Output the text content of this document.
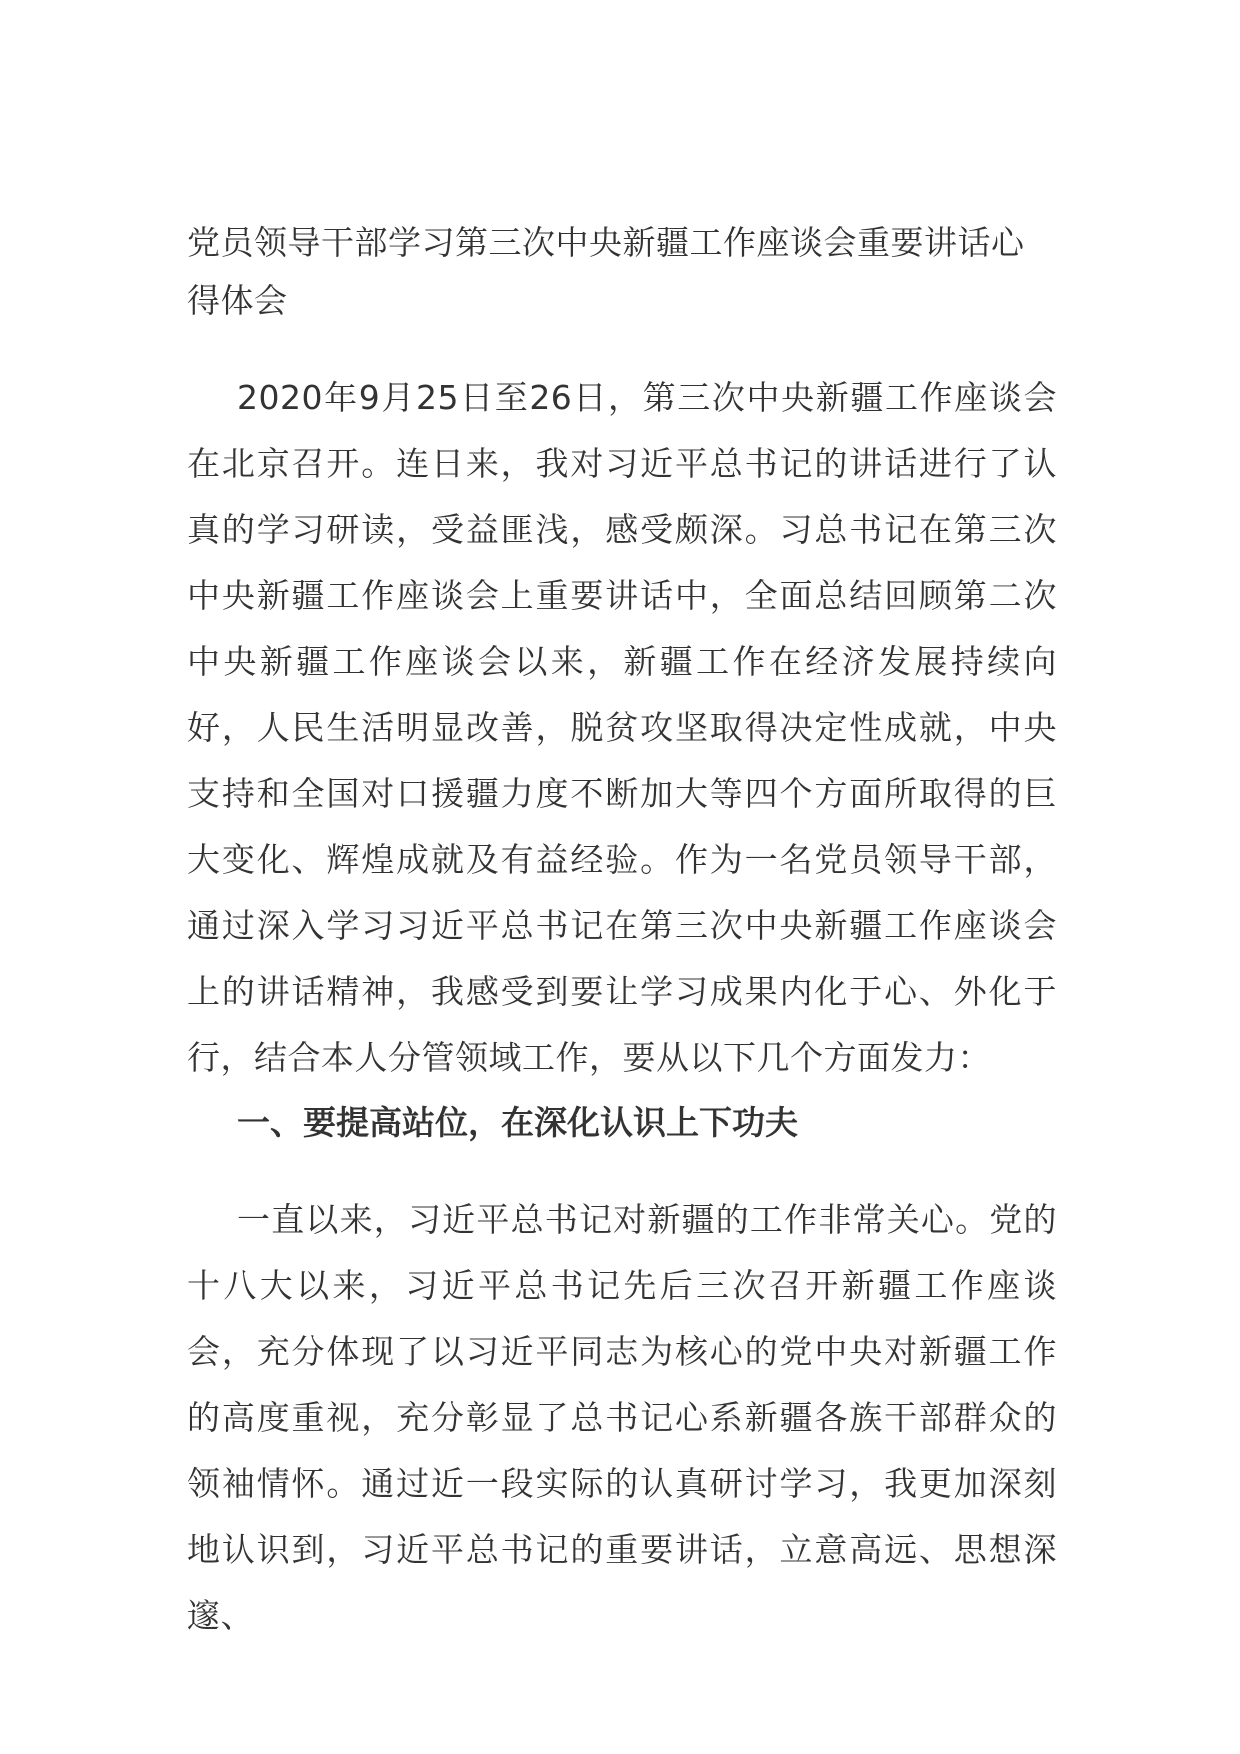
党员领导干部学习第三次中央新疆工作座谈会重要讲话心得体会

2020年9月25日至26日，第三次中央新疆工作座谈会在北京召开。连日来，我对习近平总书记的讲话进行了认真的学习研读，受益匪浅，感受颇深。习总书记在第三次中央新疆工作座谈会上重要讲话中，全面总结回顾第二次中央新疆工作座谈会以来，新疆工作在经济发展持续向好，人民生活明显改善，脱贫攻坚取得决定性成就，中央支持和全国对口援疆力度不断加大等四个方面所取得的巨大变化、辉煌成就及有益经验。作为一名党员领导干部，通过深入学习习近平总书记在第三次中央新疆工作座谈会上的讲话精神，我感受到要让学习成果内化于心、外化于行，结合本人分管领域工作，要从以下几个方面发力：

一、要提高站位，在深化认识上下功夫

一直以来，习近平总书记对新疆的工作非常关心。党的十八大以来，习近平总书记先后三次召开新疆工作座谈会，充分体现了以习近平同志为核心的党中央对新疆工作的高度重视，充分彰显了总书记心系新疆各族干部群众的领袖情怀。通过近一段实际的认真研讨学习，我更加深刻地认识到，习近平总书记的重要讲话，立意高远、思想深邃、
